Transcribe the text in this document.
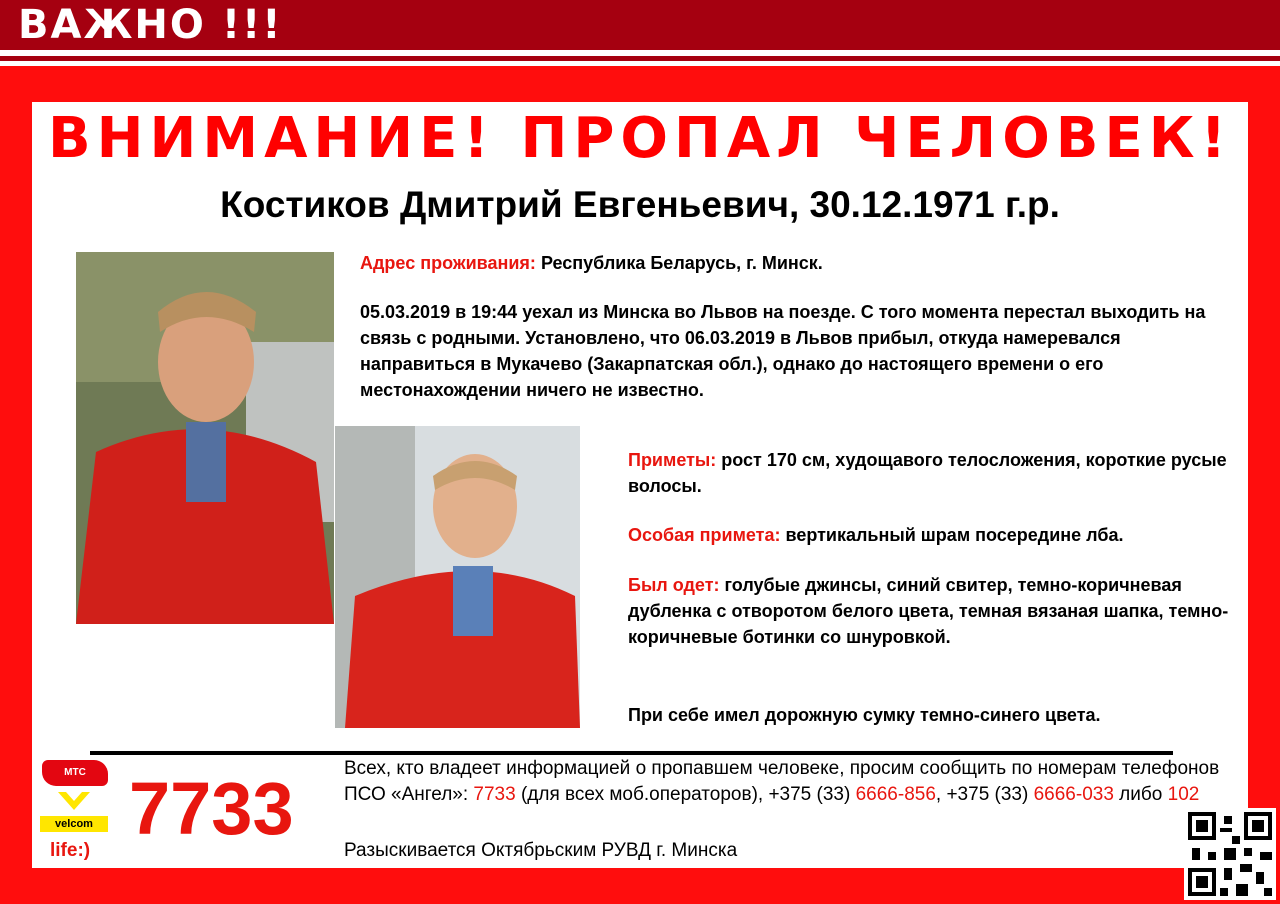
ВАЖНО !!!
ВНИМАНИЕ! ПРОПАЛ ЧЕЛОВЕК!
Костиков Дмитрий Евгеньевич, 30.12.1971 г.р.
Адрес проживания: Республика Беларусь, г. Минск.
05.03.2019 в 19:44 уехал из Минска во Львов на поезде. С того момента перестал выходить на связь с родными. Установлено, что 06.03.2019 в Львов прибыл, откуда намеревался направиться в Мукачево (Закарпатская обл.), однако до настоящего времени о его местонахождении ничего не известно.
Приметы: рост 170 см, худощавого телосложения, короткие русые волосы.
Особая примета: вертикальный шрам посередине лба.
Был одет: голубые джинсы, синий свитер, темно-коричневая дубленка с отворотом белого цвета, темная вязаная шапка, темно-коричневые ботинки со шнуровкой.
При себе имел дорожную сумку темно-синего цвета.
7733	Всех, кто владеет информацией о пропавшем человеке, просим сообщить по номерам телефонов ПСО «Ангел»: 7733 (для всех моб.операторов), +375 (33) 6666-856, +375 (33) 6666-033 либо 102
Разыскивается Октябрьским РУВД г. Минска
МТС
velcom
life:)
